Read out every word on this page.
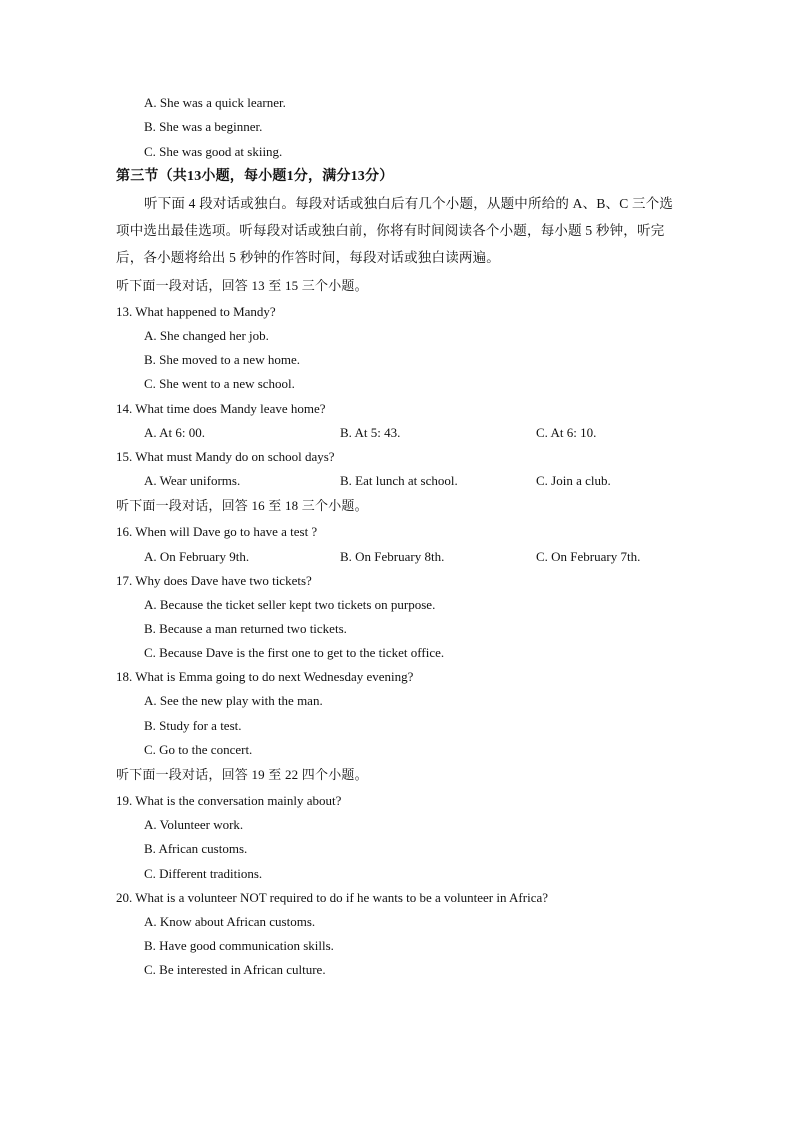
A. She was a quick learner.
B. She was a beginner.
C. She was good at skiing.
第三节（共13小题，每小题1分，满分13分）
听下面 4 段对话或独白。每段对话或独白后有几个小题，从题中所给的 A、B、C 三个选
项中选出最佳选项。听每段对话或独白前，你将有时间阅读各个小题，每小题 5 秒钟，听完
后，各小题将给出 5 秒钟的作答时间，每段对话或独白读两遍。
听下面一段对话，回答 13 至 15 三个小题。
13. What happened to Mandy?
A. She changed her job.
B. She moved to a new home.
C. She went to a new school.
14. What time does Mandy leave home?
A. At 6: 00.	B. At 5: 43.	C. At 6: 10.
15. What must Mandy do on school days?
A. Wear uniforms.	B. Eat lunch at school.	C. Join a club.
听下面一段对话，回答 16 至 18 三个小题。
16. When will Dave go to have a test ?
A. On February 9th.	B. On February 8th.	C. On February 7th.
17. Why does Dave have two tickets?
A. Because the ticket seller kept two tickets on purpose.
B. Because a man returned two tickets.
C. Because Dave is the first one to get to the ticket office.
18. What is Emma going to do next Wednesday evening?
A. See the new play with the man.
B. Study for a test.
C. Go to the concert.
听下面一段对话，回答 19 至 22 四个小题。
19. What is the conversation mainly about?
A. Volunteer work.
B. African customs.
C. Different traditions.
20. What is a volunteer NOT required to do if he wants to be a volunteer in Africa?
A. Know about African customs.
B. Have good communication skills.
C. Be interested in African culture.
